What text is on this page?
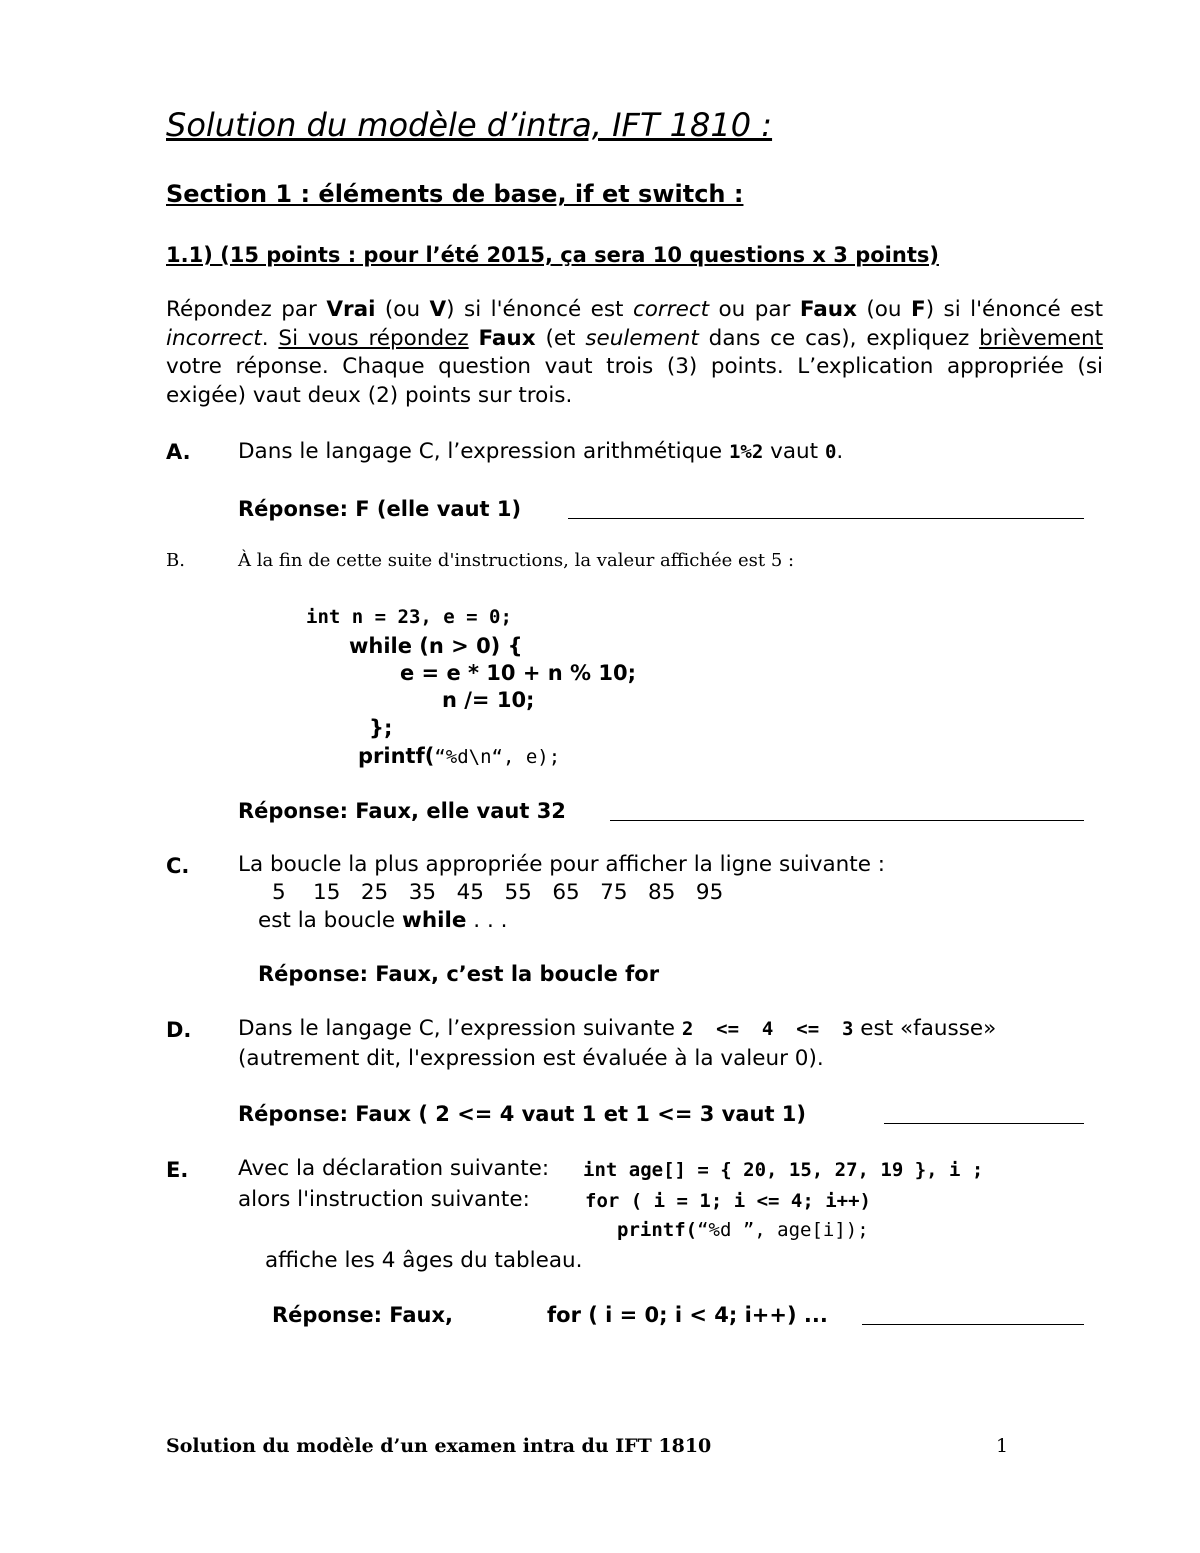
Solution du modèle d’intra, IFT 1810 :
Section 1 : éléments de base, if et switch :
1.1) (15 points : pour l’été 2015, ça sera 10 questions x 3 points)
Répondez par Vrai (ou V) si l'énoncé est correct ou par Faux (ou F) si l'énoncé est incorrect. Si vous répondez Faux (et seulement dans ce cas), expliquez brièvement votre réponse. Chaque question vaut trois (3) points. L’explication appropriée (si exigée) vaut deux (2) points sur trois.
A. Dans le langage C, l’expression arithmétique 1%2 vaut 0.
Réponse: F (elle vaut 1)
B.	À la fin de cette suite d'instructions, la valeur affichée est 5 :
int n = 23, e = 0;
while (n > 0) {
e = e * 10 + n % 10;
n /= 10;
};
printf(“%d\n“, e);
Réponse: Faux, elle vaut 32
C. La boucle la plus appropriée pour afficher la ligne suivante :
5    15   25   35   45   55   65   75   85   95
est la boucle while . . .
Réponse: Faux, c’est la boucle for
D. Dans le langage C, l’expression suivante 2  <=  4  <=  3 est «fausse»
(autrement dit, l'expression est évaluée à la valeur 0).
Réponse: Faux ( 2 <= 4 vaut 1 et 1 <= 3 vaut 1)
E. Avec la déclaration suivante: int age[] = { 20, 15, 27, 19 }, i ;
alors l'instruction suivante:	for ( i = 1; i <= 4; i++)
printf(“%d ”, age[i]);
affiche les 4 âges du tableau.
Réponse: Faux,	for ( i = 0; i < 4; i++) ...
Solution du modèle d’un examen intra du IFT 1810	1
